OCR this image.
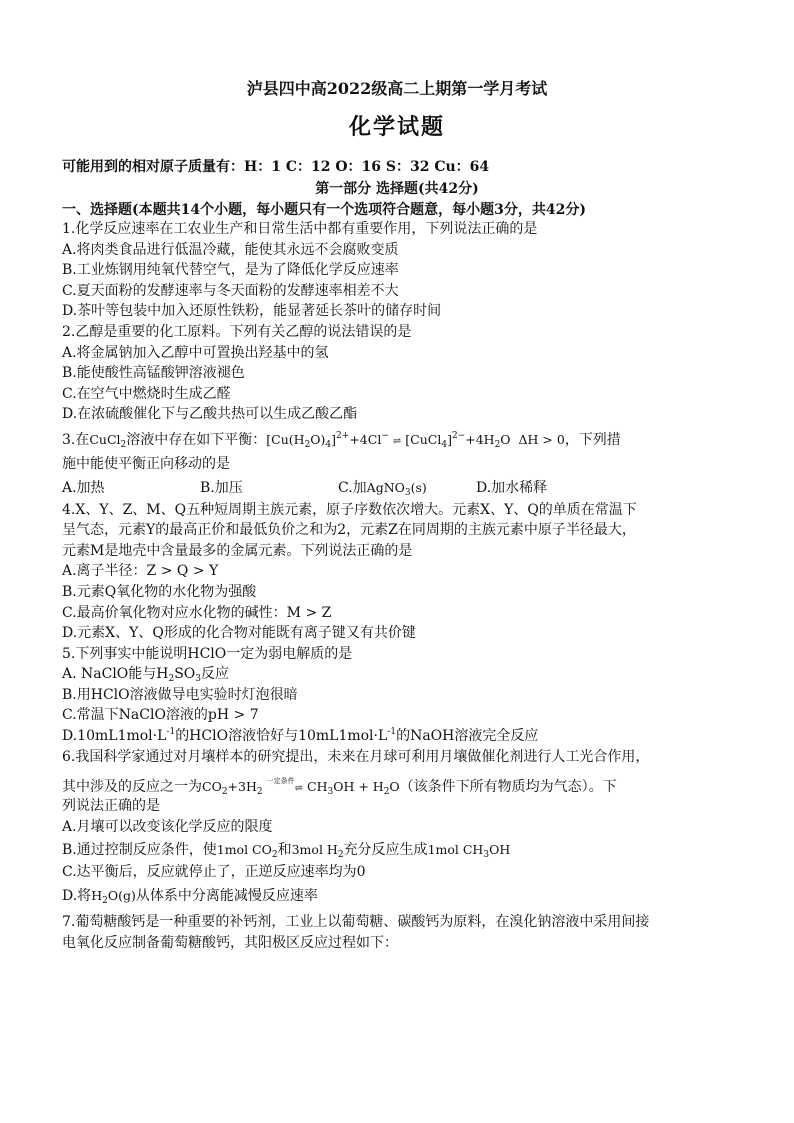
泸县四中高2022级高二上期第一学月考试
化学试题
可能用到的相对原子质量有：H：1 C：12 O：16 S：32 Cu：64
第一部分 选择题(共42分)
一、选择题(本题共14个小题，每小题只有一个选项符合题意，每小题3分，共42分)
1.化学反应速率在工农业生产和日常生活中都有重要作用，下列说法正确的是
A.将肉类食品进行低温冷藏，能使其永远不会腐败变质
B.工业炼钢用纯氧代替空气，是为了降低化学反应速率
C.夏天面粉的发酵速率与冬天面粉的发酵速率相差不大
D.茶叶等包装中加入还原性铁粉，能显著延长茶叶的储存时间
2.乙醇是重要的化工原料。下列有关乙醇的说法错误的是
A.将金属钠加入乙醇中可置换出羟基中的氢
B.能使酸性高锰酸钾溶液褪色
C.在空气中燃烧时生成乙醛
D.在浓硫酸催化下与乙酸共热可以生成乙酸乙酯
3.在CuCl$_2$溶液中存在如下平衡：$[Cu(H_2O)_4]^{2+}+4Cl^-$ ⇌ $[CuCl_4]^{2-}+4H_2O$ ΔH > 0，下列措
施中能使平衡正向移动的是
A.加热	B.加压	C.加AgNO$_3$(s)	D.加水稀释
4.X、Y、Z、M、Q五种短周期主族元素，原子序数依次增大。元素X、Y、Q的单质在常温下
呈气态，元素Y的最高正价和最低负价之和为2，元素Z在同周期的主族元素中原子半径最大，
元素M是地壳中含量最多的金属元素。下列说法正确的是
A.离子半径：Z > Q > Y
B.元素Q氧化物的水化物为强酸
C.最高价氧化物对应水化物的碱性：M > Z
D.元素X、Y、Q形成的化合物对能既有离子键又有共价键
5.下列事实中能说明HClO一定为弱电解质的是
A. NaClO能与$H_2SO_3$反应
B.用HClO溶液做导电实验时灯泡很暗
C.常温下NaClO溶液的pH > 7
$D.10mL1mol\cdot L^{-1}$的HClO溶液恰好与$10mL1mol\cdot L^{-1}$的NaOH溶液完全反应
6.我国科学家通过对月壤样本的研究提出，未来在月球可利用月壤做催化剂进行人工光合作用，
其中涉及的反应之一为$CO_2+3H_2^{一定条件}\rightleftharpoons$ $CH_3OH + H_2O$（该条件下所有物质均为气态）。下
列说法正确的是
A.月壤可以改变该化学反应的限度
B.通过控制反应条件，使1mol $CO_2$和3mol $H_2$充分反应生成1mol $CH_3OH$
C.达平衡后，反应就停止了，正逆反应速率均为0
D.将$H_2O(g)$从体系中分离能减慢反应速率
7.葡萄糖酸钙是一种重要的补钙剂，工业上以葡萄糖、碳酸钙为原料，在溴化钠溶液中采用间接
电氧化反应制备葡萄糖酸钙，其阳极区反应过程如下：
